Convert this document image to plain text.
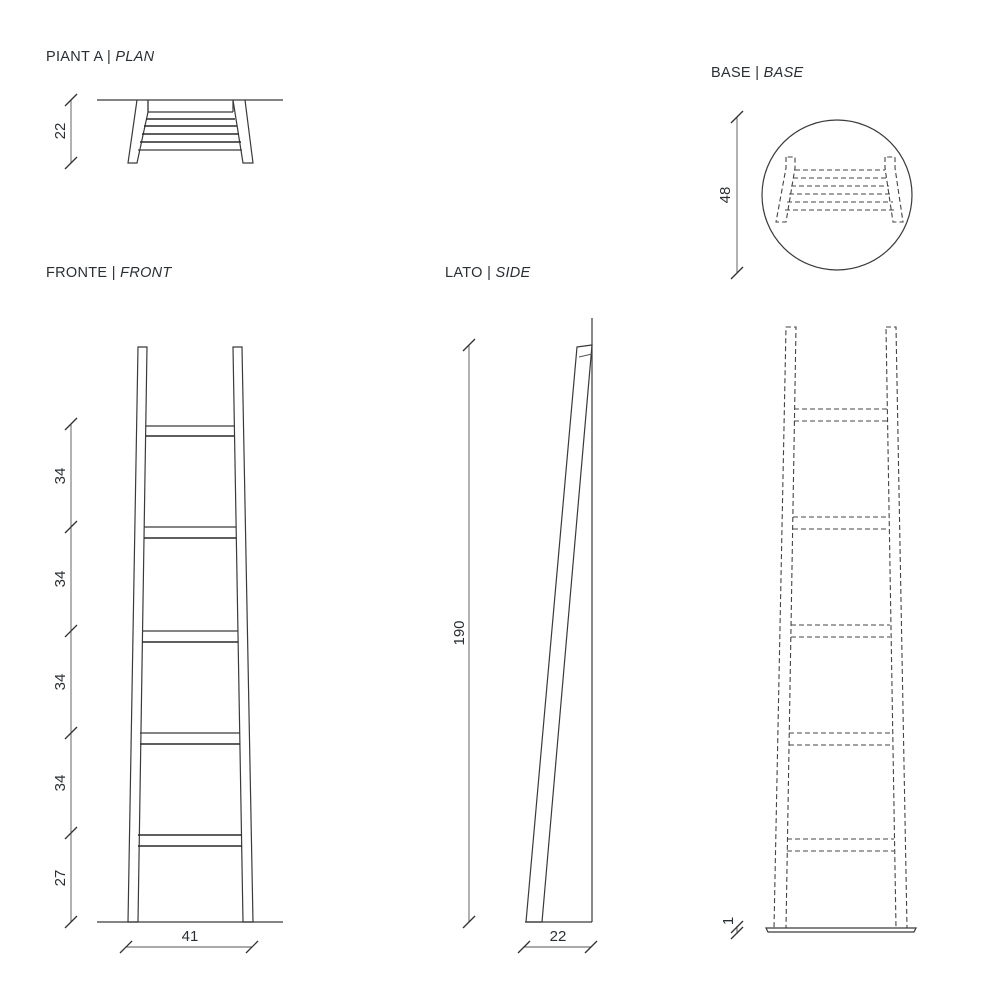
PIANT A | PLAN
22
BASE | BASE
48
FRONTE | FRONT
34
34
34
34
27
41
LATO | SIDE
190
22
1
